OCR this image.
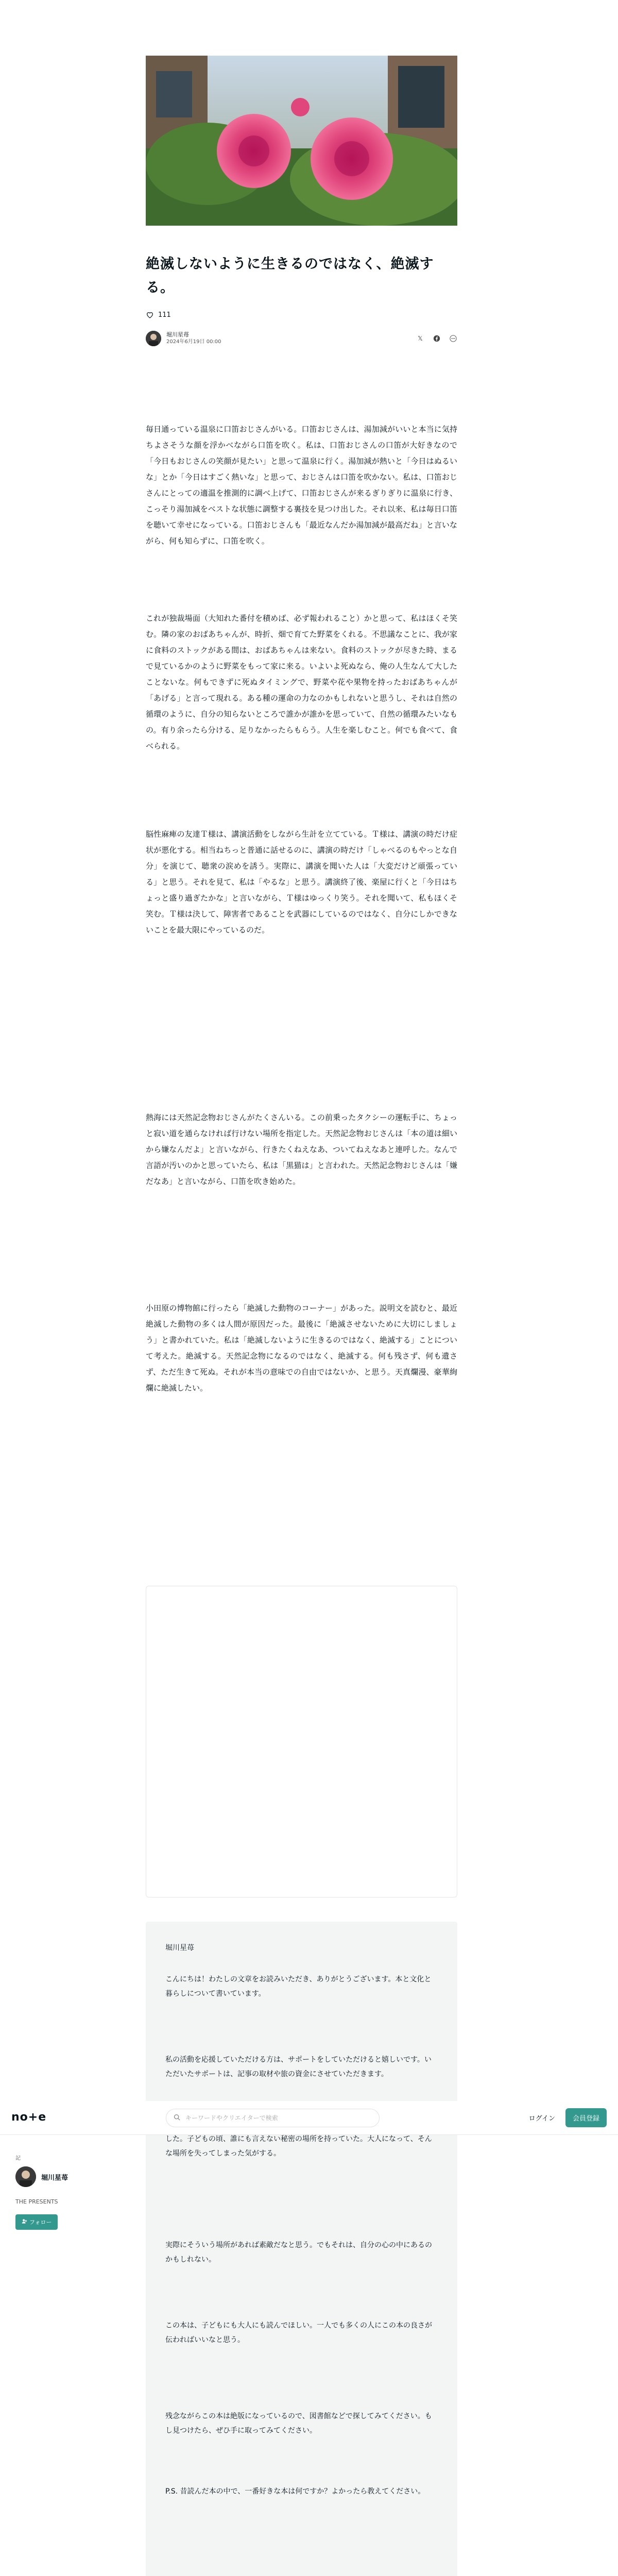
絶滅しないように生きるのではなく、絶滅する。
111
堀川星苺
2024年6月19日 00:00	𝕏

毎日通っている温泉に口笛おじさんがいる。口笛おじさんは、湯加減がいいと本当に気持ちよさそうな顔を浮かべながら口笛を吹く。私は、口笛おじさんの口笛が大好きなので「今日もおじさんの笑顔が見たい」と思って温泉に行く。湯加減が熱いと「今日はぬるいな」とか「今日はすごく熱いな」と思って、おじさんは口笛を吹かない。私は、口笛おじさんにとっての適温を推測的に調べ上げて、口笛おじさんが来るぎりぎりに温泉に行き、こっそり湯加減をベストな状態に調整する裏技を見つけ出した。それ以来、私は毎日口笛を聴いて幸せになっている。口笛おじさんも「最近なんだか湯加減が最高だね」と言いながら、何も知らずに、口笛を吹く。

これが独裁場面（大知れた番付を積めば、必ず報われること）かと思って、私はほくそ笑む。隣の家のおばあちゃんが、時折、畑で育てた野菜をくれる。不思議なことに、我が家に食料のストックがある間は、おばあちゃんは来ない。食料のストックが尽きた時、まるで見ているかのように野菜をもって家に来る。いよいよ死ぬなら、俺の人生なんて大したことないな。何もできずに死ぬタイミングで、野菜や花や果物を持ったおばあちゃんが「あげる」と言って現れる。ある種の運命の力なのかもしれないと思うし、それは自然の循環のように、自分の知らないところで誰かが誰かを思っていて、自然の循環みたいなもの。有り余ったら分ける、足りなかったらもらう。人生を楽しむこと。何でも食べて、食べられる。

脳性麻痺の友達Ｔ様は、講演活動をしながら生計を立てている。Ｔ様は、講演の時だけ症状が悪化する。相当ねちっと普通に話せるのに、講演の時だけ「しゃべるのもやっとな自分」を演じて、聴衆の涙めを誘う。実際に、講演を聞いた人は「大変だけど頑張っている」と思う。それを見て、私は「やるな」と思う。講演終了後、楽屋に行くと「今日はちょっと盛り過ぎたかな」と言いながら、Ｔ様はゆっくり笑う。それを聞いて、私もほくそ笑む。Ｔ様は決して、障害者であることを武器にしているのではなく、自分にしかできないことを最大限にやっているのだ。

熱海には天然記念物おじさんがたくさんいる。この前乗ったタクシーの運転手に、ちょっと寂い道を通らなければ行けない場所を指定した。天然記念物おじさんは「本の道は細いから嫌なんだよ」と言いながら、行きたくねえなあ、ついてねえなあと連呼した。なんで言語が汚いのかと思っていたら、私は「黒猫は」と言われた。天然記念物おじさんは「嫌だなあ」と言いながら、口笛を吹き始めた。

小田原の博物館に行ったら「絶滅した動物のコーナー」があった。説明文を読むと、最近絶滅した動物の多くは人間が原因だった。最後に「絶滅させないために大切にしましょう」と書かれていた。私は「絶滅しないように生きるのではなく、絶滅する」ことについて考えた。絶滅する。天然記念物になるのではなく、絶滅する。何も残さず、何も遺さず、ただ生きて死ぬ。それが本当の意味での自由ではないか、と思う。天真爛漫、豪華絢爛に絶滅したい。

堀川星苺

こんにちは！わたしの文章をお読みいただき、ありがとうございます。本と文化と暮らしについて書いています。

私の活動を応援していただける方は、サポートをしていただけると嬉しいです。いただいたサポートは、記事の取材や旅の資金にさせていただきます。

した。子どもの頃、誰にも言えない秘密の場所を持っていた。大人になって、そんな場所を失ってしまった気がする。

実際にそういう場所があれば素敵だなと思う。でもそれは、自分の心の中にあるのかもしれない。

この本は、子どもにも大人にも読んでほしい。一人でも多くの人にこの本の良さが伝わればいいなと思う。

残念ながらこの本は絶版になっているので、図書館などで探してみてください。もし見つけたら、ぜひ手に取ってみてください。

P.S. 昔読んだ本の中で、一番好きな本は何ですか？よかったら教えてください。

no+e	キーワードやクリエイターで検索	ログイン	会員登録
記
堀川星苺
THE PRESENTS
フォロー
